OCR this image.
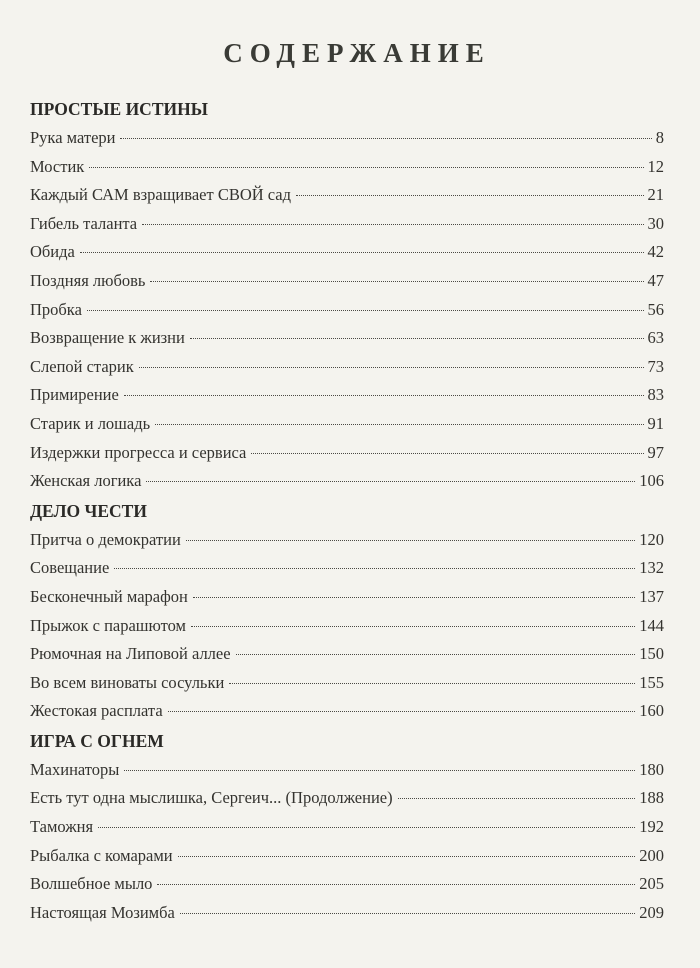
СОДЕРЖАНИЕ
ПРОСТЫЕ ИСТИНЫ
Рука матери	8
Мостик	12
Каждый САМ взращивает СВОЙ сад	21
Гибель таланта	30
Обида	42
Поздняя любовь	47
Пробка	56
Возвращение к жизни	63
Слепой старик	73
Примирение	83
Старик и лошадь	91
Издержки прогресса и сервиса	97
Женская логика	106
ДЕЛО ЧЕСТИ
Притча о демократии	120
Совещание	132
Бесконечный марафон	137
Прыжок с парашютом	144
Рюмочная на Липовой аллее	150
Во всем виноваты сосульки	155
Жестокая расплата	160
ИГРА С ОГНЕМ
Махинаторы	180
Есть тут одна мыслишка, Сергеич... (Продолжение)	188
Таможня	192
Рыбалка с комарами	200
Волшебное мыло	205
Настоящая Мозимба	209
